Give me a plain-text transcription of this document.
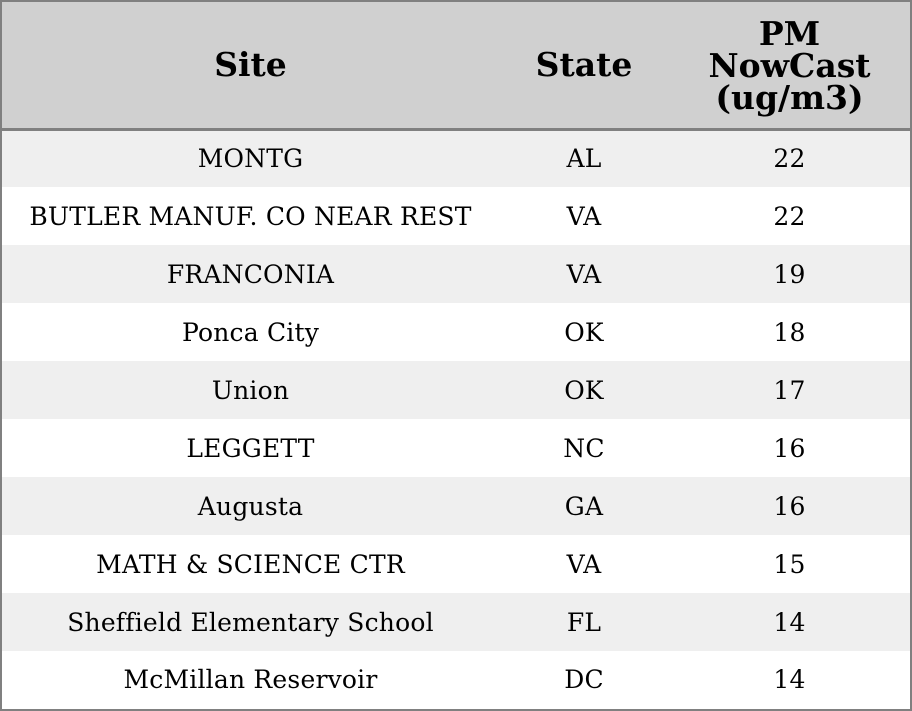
Site	State	PM
NowCast
(ug/m3)
MONTG	AL	22
BUTLER MANUF. CO NEAR REST	VA	22
FRANCONIA	VA	19
Ponca City	OK	18
Union	OK	17
LEGGETT	NC	16
Augusta	GA	16
MATH & SCIENCE CTR	VA	15
Sheffield Elementary School	FL	14
McMillan Reservoir	DC	14
